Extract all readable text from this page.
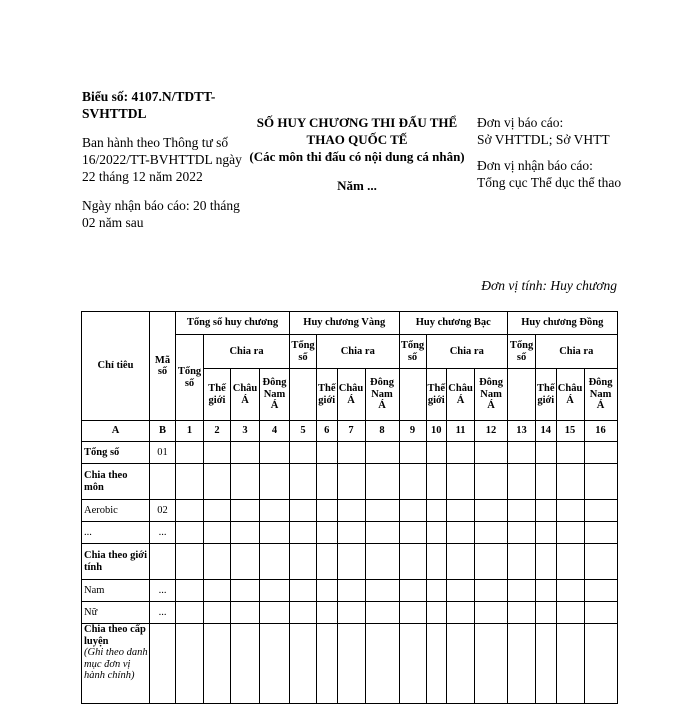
Biểu số: 4107.N/TDTT-SVHTTDL
Ban hành theo Thông tư số 16/2022/TT-BVHTTDL ngày 22 tháng 12 năm 2022
Ngày nhận báo cáo: 20 tháng 02 năm sau
SỐ HUY CHƯƠNG THI ĐẤU THỂ THAO QUỐC TẾ
(Các môn thi đấu có nội dung cá nhân)
Năm ...
Đơn vị báo cáo:
Sở VHTTDL; Sở VHTT
Đơn vị nhận báo cáo:
Tổng cục Thể dục thể thao
Đơn vị tính: Huy chương
Chỉ tiêu	Mã số	Tổng số huy chương				Huy chương Vàng				Huy chương Bạc				Huy chương Đồng			
		Tổng số	Chia ra			Tổng số	Chia ra			Tổng số	Chia ra			Tổng số	Chia ra		
			Thế giới	Châu Á	Đông Nam Á		Thế giới	Châu Á	Đông Nam Á		Thế giới	Châu Á	Đông Nam Á		Thế giới	Châu Á	Đông Nam Á
A	B	1	2	3	4	5	6	7	8	9	10	11	12	13	14	15	16
Tổng số	01																
Chia theo môn																	
Aerobic	02																
...	...																
Chia theo giới tính																	
Nam	...																
Nữ	...																

Chia theo cấp luyện
(Ghi theo danh mục đơn vị hành chính)																	
